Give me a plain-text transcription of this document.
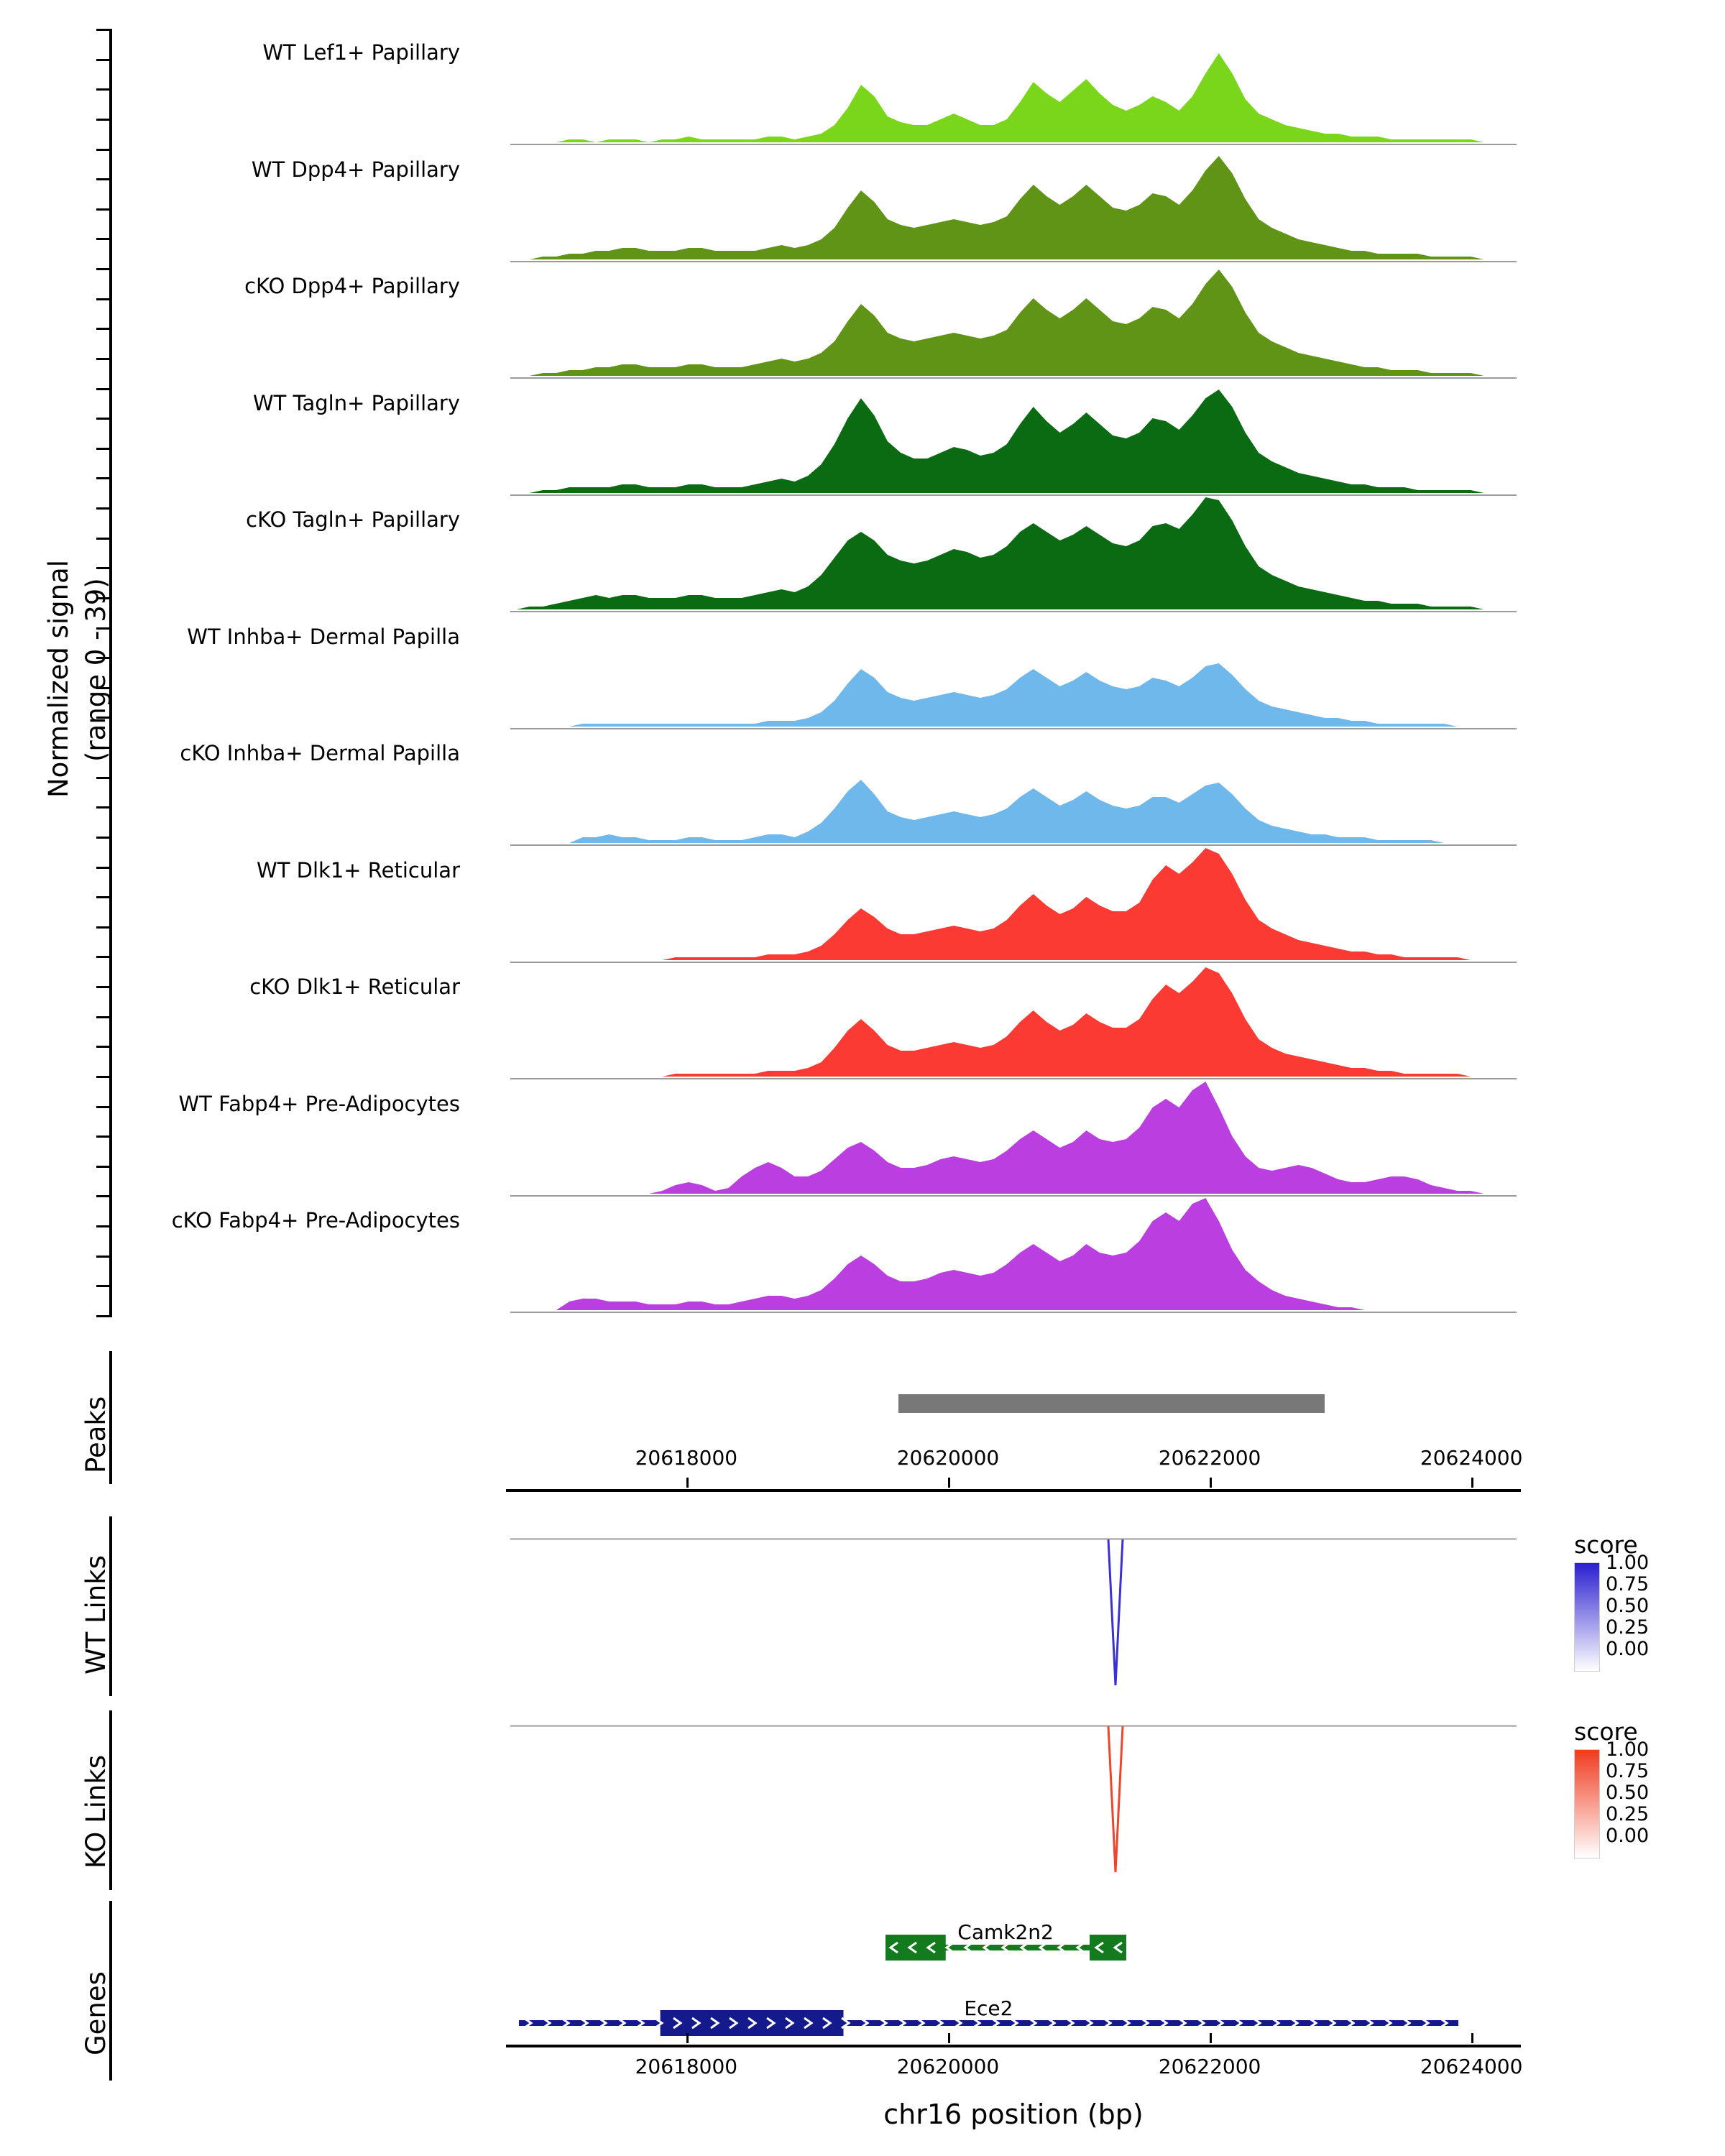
Normalized signal (range 0 - 39)
WT Lef1+ Papillary
WT Dpp4+ Papillary
cKO Dpp4+ Papillary
WT Tagln+ Papillary
cKO Tagln+ Papillary
WT Inhba+ Dermal Papilla
cKO Inhba+ Dermal Papilla
WT Dlk1+ Reticular
cKO Dlk1+ Reticular
WT Fabp4+ Pre-Adipocytes
cKO Fabp4+ Pre-Adipocytes
Peaks	20618000	20620000	20622000	20624000
WT Links
score
1.00
0.75
0.50
0.25
0.00
KO Links
score
1.00
0.75
0.50
0.25
0.00
Genes
Camk2n2
Ece2
20618000	20620000	20622000	20624000
chr16 position (bp)
